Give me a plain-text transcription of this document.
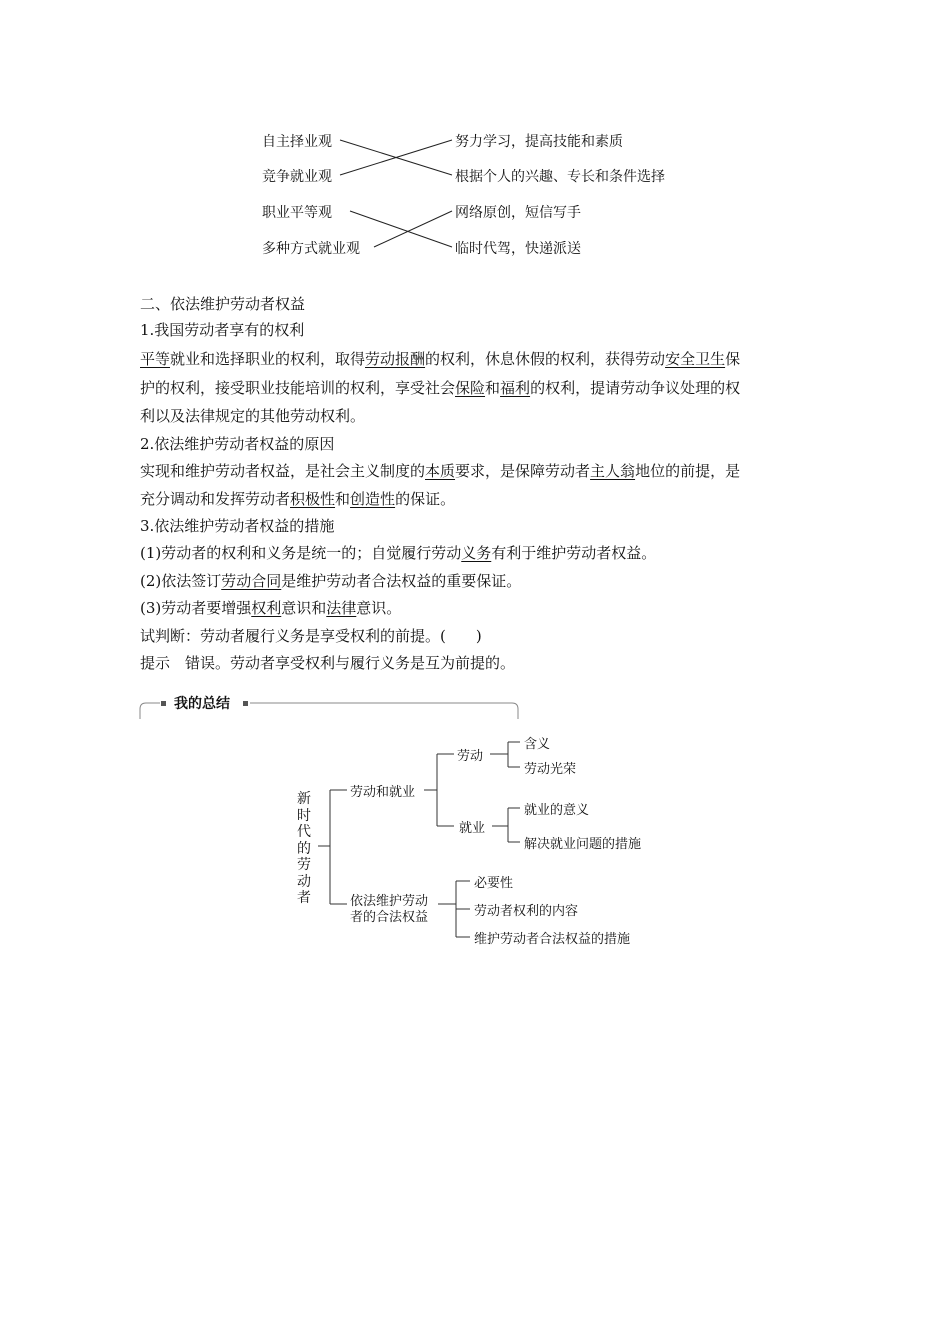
自主择业观
竞争就业观
职业平等观
多种方式就业观
努力学习，提高技能和素质
根据个人的兴趣、专长和条件选择
网络原创，短信写手
临时代驾，快递派送
二、依法维护劳动者权益
1.我国劳动者享有的权利
平等就业和选择职业的权利，取得劳动报酬的权利，休息休假的权利，获得劳动安全卫生保
护的权利，接受职业技能培训的权利，享受社会保险和福利的权利，提请劳动争议处理的权
利以及法律规定的其他劳动权利。
2.依法维护劳动者权益的原因
实现和维护劳动者权益，是社会主义制度的本质要求，是保障劳动者主人翁地位的前提，是
充分调动和发挥劳动者积极性和创造性的保证。
3.依法维护劳动者权益的措施
(1)劳动者的权利和义务是统一的；自觉履行劳动义务有利于维护劳动者权益。
(2)依法签订劳动合同是维护劳动者合法权益的重要保证。
(3)劳动者要增强权利意识和法律意识。
试判断：劳动者履行义务是享受权利的前提。(　　)
提示　错误。劳动者享受权利与履行义务是互为前提的。
我的总结
新时代的劳动者
劳动和就业
劳动
含义
劳动光荣
就业
就业的意义
解决就业问题的措施
依法维护劳动
者的合法权益
必要性
劳动者权利的内容
维护劳动者合法权益的措施
